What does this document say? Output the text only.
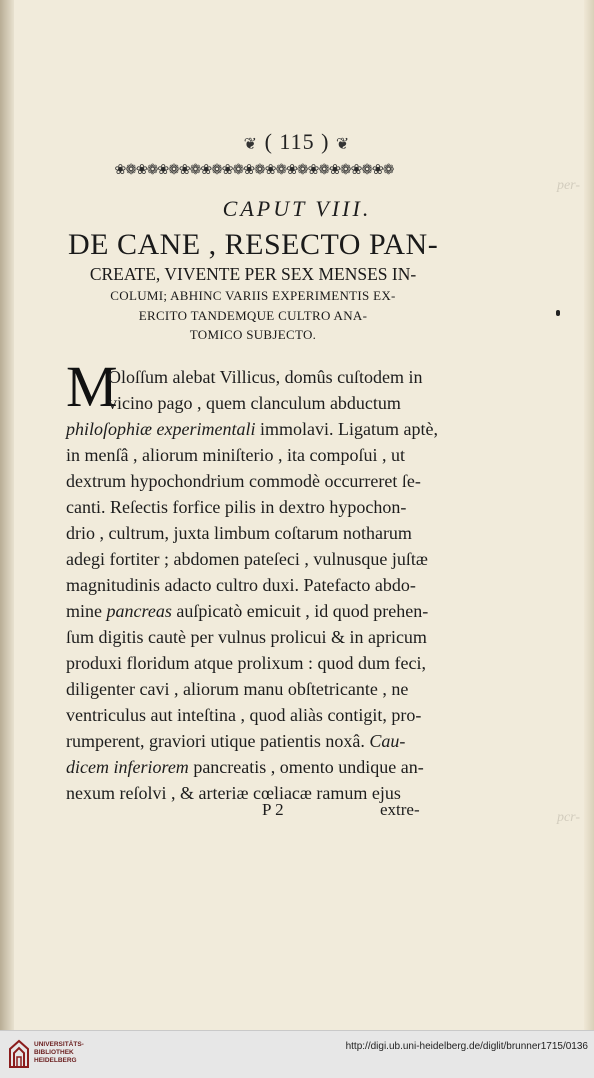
per-
pcr-
❦ ( 115 ) ❦
❀❁❀❁❀❁❀❁❀❁❀❁❀❁❀❁❀❁❀❁❀❁❀❁❀❁
CAPUT VIII.
DE CANE , RESECTO PAN-
CREATE, VIVENTE PER SEX MENSES IN-
COLUMI; ABHINC VARIIS EXPERIMENTIS EX-
ERCITO TANDEMQUE CULTRO ANA-
TOMICO SUBJECTO.
M
Oloſſum alebat Villicus, domûs cuſtodem in
vicino pago , quem clanculum abductum
philoſophiæ experimentali immolavi. Ligatum aptè,
in menſâ , aliorum miniſterio , ita compoſui , ut
dextrum hypochondrium commodè occurreret ſe-
canti. Reſectis forfice pilis in dextro hypochon-
drio , cultrum, juxta limbum coſtarum notharum
adegi fortiter ; abdomen pateſeci , vulnusque juſtæ
magnitudinis adacto cultro duxi. Patefacto abdo-
mine pancreas auſpicatò emicuit , id quod prehen-
ſum digitis cautè per vulnus prolicui & in apricum
produxi floridum atque prolixum : quod dum feci,
diligenter cavi , aliorum manu obſtetricante , ne
ventriculus aut inteſtina , quod aliàs contigit, pro-
rumperent, graviori utique patientis noxâ. Cau-
dicem inferiorem pancreatis , omento undique an-
nexum reſolvi , & arteriæ cœliacæ ramum ejus
P 2	extre-
UNIVERSITÄTS-
BIBLIOTHEK
HEIDELBERG
http://digi.ub.uni-heidelberg.de/diglit/brunner1715/0136
